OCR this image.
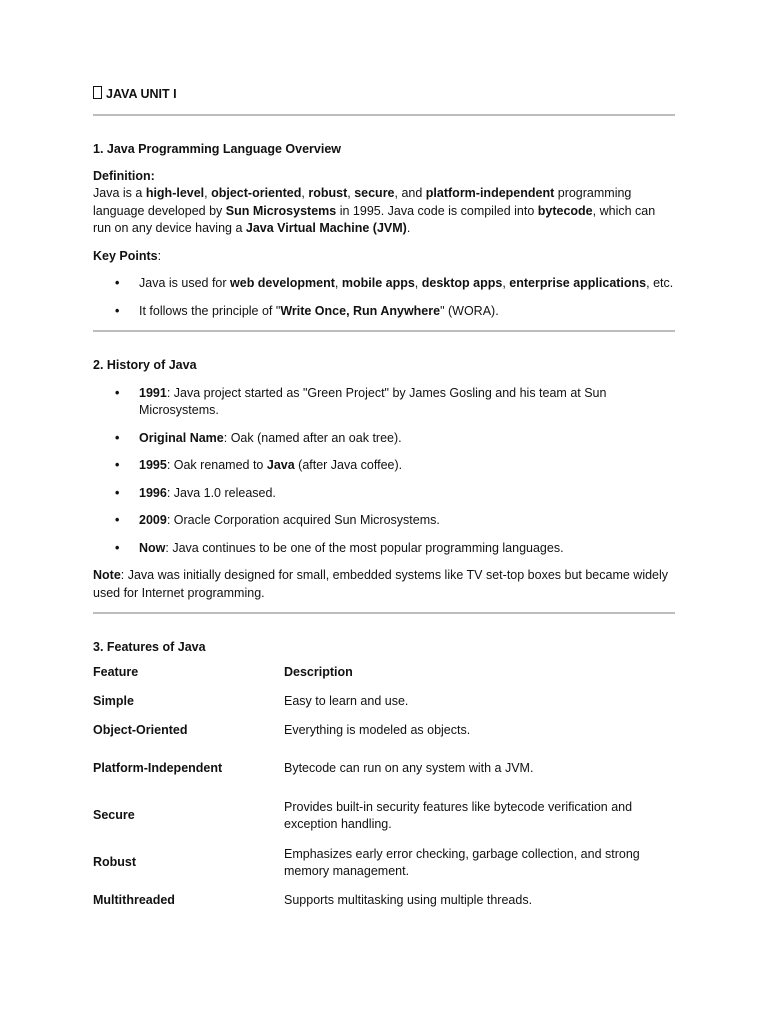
JAVA UNIT I
1. Java Programming Language Overview

Definition:

Java is a high-level, object-oriented, robust, secure, and platform-independent programming language developed by Sun Microsystems in 1995. Java code is compiled into bytecode, which can run on any device having a Java Virtual Machine (JVM).

Key Points:

• Java is used for web development, mobile apps, desktop apps, enterprise applications, etc.
• It follows the principle of "Write Once, Run Anywhere" (WORA).
2. History of Java
• 1991: Java project started as "Green Project" by James Gosling and his team at Sun Microsystems.
• Original Name: Oak (named after an oak tree).
• 1995: Oak renamed to Java (after Java coffee).
• 1996: Java 1.0 released.
• 2009: Oracle Corporation acquired Sun Microsystems.
• Now: Java continues to be one of the most popular programming languages.

Note: Java was initially designed for small, embedded systems like TV set-top boxes but became widely used for Internet programming.

3. Features of Java
Feature	Description
Simple	Easy to learn and use.
Object-Oriented	Everything is modeled as objects.
Platform-Independent	Bytecode can run on any system with a JVM.
Secure	Provides built-in security features like bytecode verification and exception handling.
Robust	Emphasizes early error checking, garbage collection, and strong memory management.
Multithreaded	Supports multitasking using multiple threads.
